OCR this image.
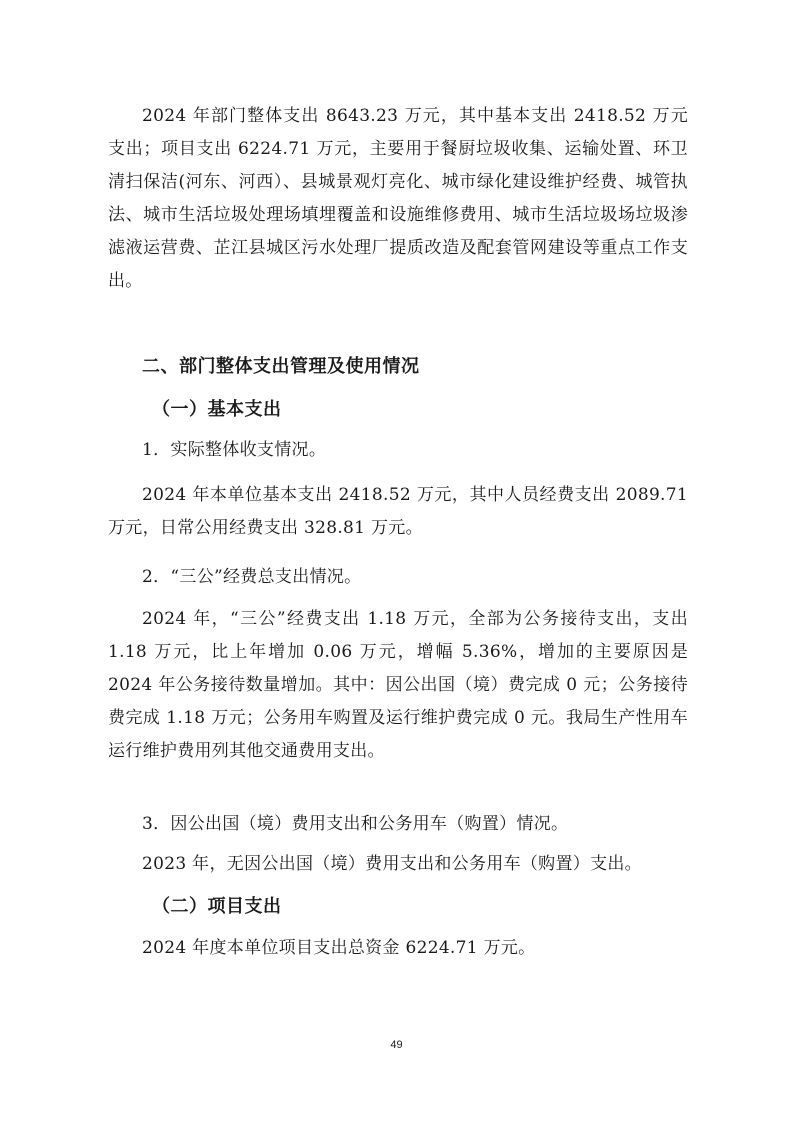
2024 年部门整体支出 8643.23 万元，其中基本支出 2418.52 万元支出；项目支出 6224.71 万元，主要用于餐厨垃圾收集、运输处置、环卫清扫保洁(河东、河西）、县城景观灯亮化、城市绿化建设维护经费、城管执法、城市生活垃圾处理场填埋覆盖和设施维修费用、城市生活垃圾场垃圾渗滤液运营费、芷江县城区污水处理厂提质改造及配套管网建设等重点工作支出。

二、部门整体支出管理及使用情况
（一）基本支出

1．实际整体收支情况。

2024 年本单位基本支出 2418.52 万元，其中人员经费支出 2089.71 万元，日常公用经费支出 328.81 万元。

2．“三公”经费总支出情况。

2024 年，“三公”经费支出 1.18 万元，全部为公务接待支出，支出 1.18 万元，比上年增加 0.06 万元，增幅 5.36%，增加的主要原因是 2024 年公务接待数量增加。其中：因公出国（境）费完成 0 元；公务接待费完成 1.18 万元；公务用车购置及运行维护费完成 0 元。我局生产性用车运行维护费用列其他交通费用支出。

3．因公出国（境）费用支出和公务用车（购置）情况。

2023 年，无因公出国（境）费用支出和公务用车（购置）支出。

（二）项目支出

2024 年度本单位项目支出总资金 6224.71 万元。

49
